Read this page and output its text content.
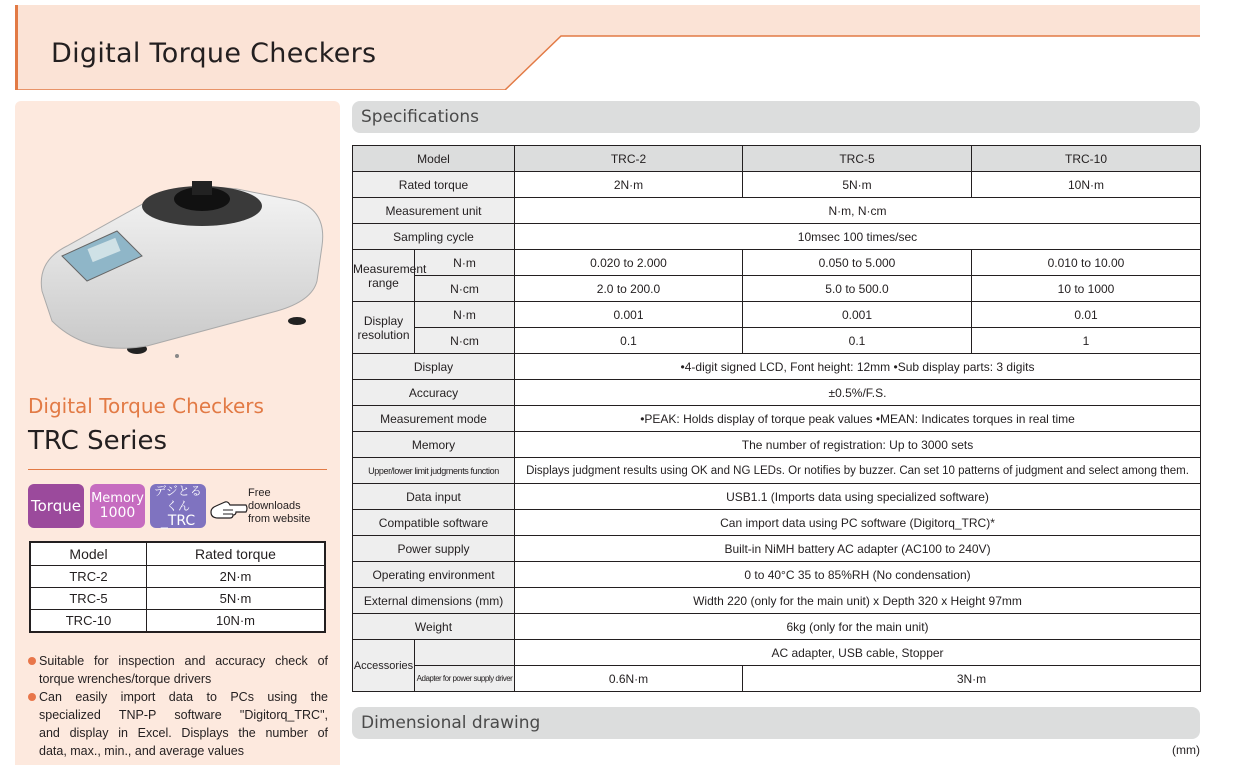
Digital Torque Checkers
Digital Torque Checkers
TRC Series
Torque Memory
1000
デジとるくん
_TRC
Free
downloads
from website
Model	Rated torque
TRC-2	2N·m
TRC-5	5N·m
TRC-10	10N·m
Suitable for inspection and accuracy check of
torque wrenches/torque drivers
Can easily import data to PCs using the
specialized TNP-P software "Digitorq_TRC",
and display in Excel. Displays the number of
data, max., min., and average values
Specifications
Model		TRC-2	TRC-5	TRC-10
Rated torque		2N·m	5N·m	10N·m
Measurement unit		N·m, N·cm		
Sampling cycle		10msec 100 times/sec		
Measurement range	N·m	0.020 to 2.000	0.050 to 5.000	0.010 to 10.00
	N·cm	2.0 to 200.0	5.0 to 500.0	10 to 1000
Display resolution	N·m	0.001	0.001	0.01
	N·cm	0.1	0.1	1
Display		•4-digit signed LCD, Font height: 12mm •Sub display parts: 3 digits		
Accuracy		±0.5%/F.S.		
Measurement mode		•PEAK: Holds display of torque peak values •MEAN: Indicates torques in real time		
Memory		The number of registration: Up to 3000 sets		
Upper/lower limit judgments function		Displays judgment results using OK and NG LEDs. Or notifies by buzzer. Can set 10 patterns of judgment and select among them.		
Data input		USB1.1 (Imports data using specialized software)		
Compatible software		Can import data using PC software (Digitorq_TRC)*		
Power supply		Built-in NiMH battery AC adapter (AC100 to 240V)		
Operating environment		0 to 40°C 35 to 85%RH (No condensation)		
External dimensions (mm)		Width 220 (only for the main unit) x Depth 320 x Height 97mm		
Weight		6kg (only for the main unit)		
Accessories		AC adapter, USB cable, Stopper		
	Adapter for power supply driver	0.6N·m	3N·m	
Dimensional drawing
(mm)
